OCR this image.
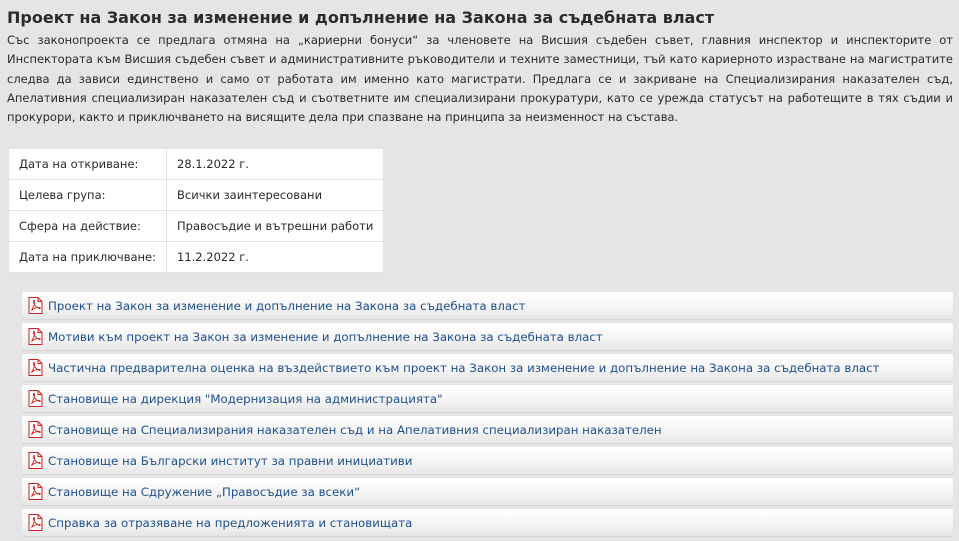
Проект на Закон за изменение и допълнение на Закона за съдебната власт

Със законопроекта се предлага отмяна на „кариерни бонуси“ за членовете на Висшия съдебен съвет, главния инспектор и инспекторите от Инспектората към Висшия съдебен съвет и административните ръководители и техните заместници, тъй като кариерното израстване на магистратите следва да зависи единствено и само от работата им именно като магистрати. Предлага се и закриване на Специализирания наказателен съд, Апелативния специализиран наказателен съд и съответните им специализирани прокуратури, като се урежда статусът на работещите в тях съдии и прокурори, както и приключването на висящите дела при спазване на принципа за неизменност на състава.

Дата на откриване:	28.1.2022 г.
Целева група:	Всички заинтересовани
Сфера на действие:	Правосъдие и вътрешни работи
Дата на приключване:	11.2.2022 г.
Проект на Закон за изменение и допълнение на Закона за съдебната власт
Мотиви към проект на Закон за изменение и допълнение на Закона за съдебната власт
Частична предварителна оценка на въздействието към проект на Закон за изменение и допълнение на Закона за съдебната власт
Становище на дирекция "Модернизация на администрацията"
Становище на Специализирания наказателен съд и на Апелативния специализиран наказателен
Становище на Български институт за правни инициативи
Становище на Сдружение „Правосъдие за всеки“
Справка за отразяване на предложенията и становищата
